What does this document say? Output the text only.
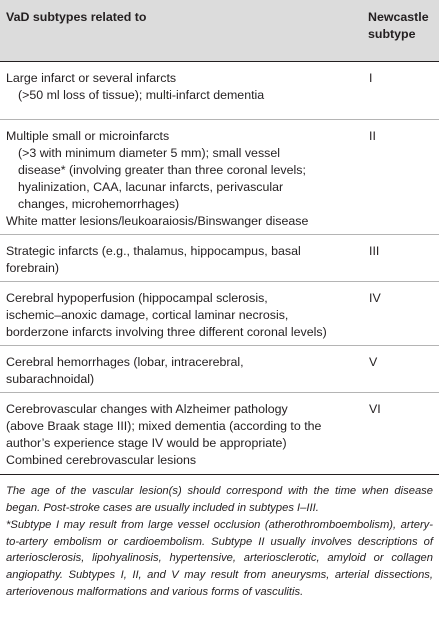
VaD subtypes related to	Newcastle
subtype
Large infarct or several infarcts
(>50 ml loss of tissue); multi-infarct dementia
I
Multiple small or microinfarcts
(>3 with minimum diameter 5 mm); small vessel
disease* (involving greater than three coronal levels;
hyalinization, CAA, lacunar infarcts, perivascular
changes, microhemorrhages)
White matter lesions/leukoaraiosis/Binswanger disease
II
Strategic infarcts (e.g., thalamus, hippocampus, basal
forebrain)
III
Cerebral hypoperfusion (hippocampal sclerosis,
ischemic–anoxic damage, cortical laminar necrosis,
borderzone infarcts involving three different coronal levels)
IV
Cerebral hemorrhages (lobar, intracerebral,
subarachnoidal)
V
Cerebrovascular changes with Alzheimer pathology
(above Braak stage III); mixed dementia (according to the
author’s experience stage IV would be appropriate)
Combined cerebrovascular lesions
VI

The age of the vascular lesion(s) should correspond with the time when disease began. Post-stroke cases are usually included in subtypes I–III.

*Subtype I may result from large vessel occlusion (atherothromboembolism), artery-to-artery embolism or cardioembolism. Subtype II usually involves descriptions of arteriosclerosis, lipohyalinosis, hypertensive, arteriosclerotic, amyloid or collagen angiopathy. Subtypes I, II, and V may result from aneurysms, arterial dissections, arteriovenous malformations and various forms of vasculitis.
